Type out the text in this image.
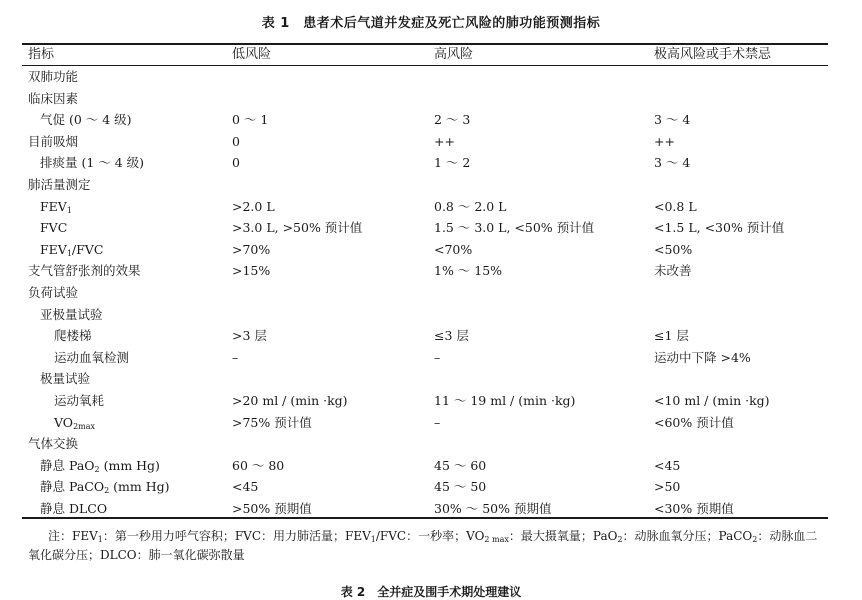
表 1　患者术后气道并发症及死亡风险的肺功能预测指标
指标	低风险	高风险	极高风险或手术禁忌
双肺功能
临床因素
气促 (0 ～ 4 级)	0 ～ 1	2 ～ 3	3 ～ 4
目前吸烟	0	++	++
排痰量 (1 ～ 4 级)	0	1 ～ 2	3 ～ 4
肺活量测定
$FEV_1$	>2.0 L	0.8 ～ 2.0 L	<0.8 L
FVC	>3.0 L, >50% 预计值	1.5 ～ 3.0 L, <50% 预计值	<1.5 L, <30% 预计值
$FEV_1$/FVC	>70%	<70%	<50%
支气管舒张剂的效果	>15%	1% ～ 15%	未改善
负荷试验
亚极量试验
爬楼梯	>3 层	≤3 层	≤1 层
运动血氧检测	–	–	运动中下降 >4%
极量试验
运动氧耗	>20 ml / (min ·kg)	11 ～ 19 ml / (min ·kg)	<10 ml / (min ·kg)
$VO_{2max}$	>75% 预计值	–	<60% 预计值
气体交换
静息 PaO$_2$ (mm Hg)	60 ～ 80	45 ～ 60	<45
静息 PaCO$_2$ (mm Hg)	<45	45 ～ 50	>50
静息 DLCO	>50% 预期值	30% ～ 50% 预期值	<30% 预期值
注：$FEV_1$：第一秒用力呼气容积；FVC：用力肺活量；$FEV_1$/FVC：一秒率；$VO_{2 max}$：最大摄氧量；PaO$_2$：动脉血氧分压；PaCO$_2$：动脉血二氧化碳分压；DLCO：肺一氧化碳弥散量
表 2　全并症及围手术期处理建议
